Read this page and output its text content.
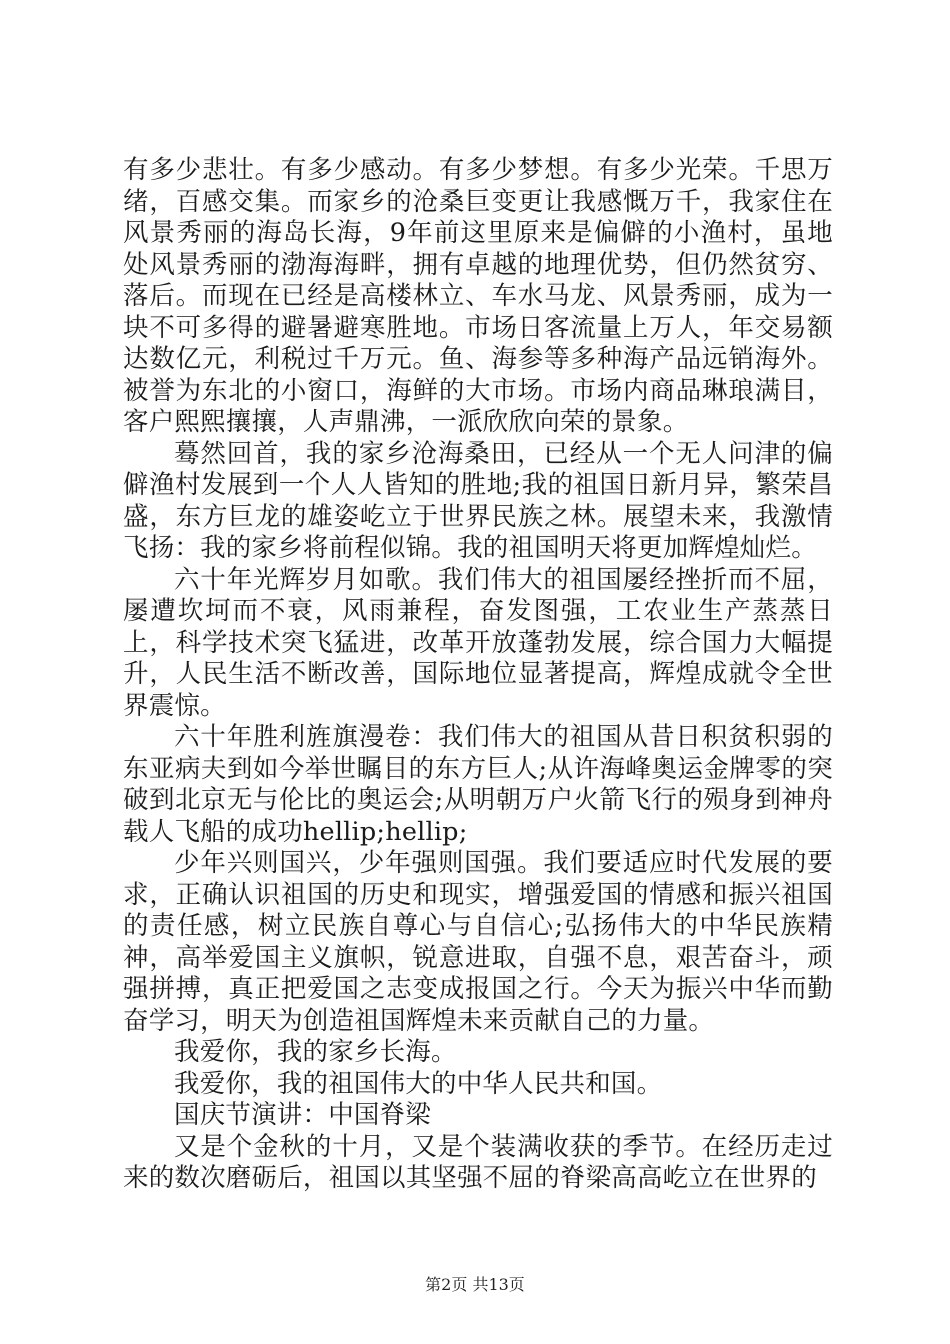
有多少悲壮。有多少感动。有多少梦想。有多少光荣。千思万绪，百感交集。而家乡的沧桑巨变更让我感慨万千，我家住在风景秀丽的海岛长海，9年前这里原来是偏僻的小渔村，虽地处风景秀丽的渤海海畔，拥有卓越的地理优势，但仍然贫穷、落后。而现在已经是高楼林立、车水马龙、风景秀丽，成为一块不可多得的避暑避寒胜地。市场日客流量上万人，年交易额达数亿元，利税过千万元。鱼、海参等多种海产品远销海外。被誉为东北的小窗口，海鲜的大市场。市场内商品琳琅满目，客户熙熙攘攘，人声鼎沸，一派欣欣向荣的景象。

蓦然回首，我的家乡沧海桑田，已经从一个无人问津的偏僻渔村发展到一个人人皆知的胜地;我的祖国日新月异，繁荣昌盛，东方巨龙的雄姿屹立于世界民族之林。展望未来，我激情飞扬：我的家乡将前程似锦。我的祖国明天将更加辉煌灿烂。

六十年光辉岁月如歌。我们伟大的祖国屡经挫折而不屈，屡遭坎坷而不衰，风雨兼程，奋发图强，工农业生产蒸蒸日上，科学技术突飞猛进，改革开放蓬勃发展，综合国力大幅提升，人民生活不断改善，国际地位显著提高，辉煌成就令全世界震惊。

六十年胜利旌旗漫卷：我们伟大的祖国从昔日积贫积弱的东亚病夫到如今举世瞩目的东方巨人;从许海峰奥运金牌零的突破到北京无与伦比的奥运会;从明朝万户火箭飞行的殒身到神舟载人飞船的成功hellip;hellip;

少年兴则国兴，少年强则国强。我们要适应时代发展的要求，正确认识祖国的历史和现实，增强爱国的情感和振兴祖国的责任感，树立民族自尊心与自信心;弘扬伟大的中华民族精神，高举爱国主义旗帜，锐意进取，自强不息，艰苦奋斗，顽强拼搏，真正把爱国之志变成报国之行。今天为振兴中华而勤奋学习，明天为创造祖国辉煌未来贡献自己的力量。

我爱你，我的家乡长海。

我爱你，我的祖国伟大的中华人民共和国。

国庆节演讲：中国脊梁

又是个金秋的十月，又是个装满收获的季节。在经历走过来的数次磨砺后，祖国以其坚强不屈的脊梁高高屹立在世界的

第2页 共13页
